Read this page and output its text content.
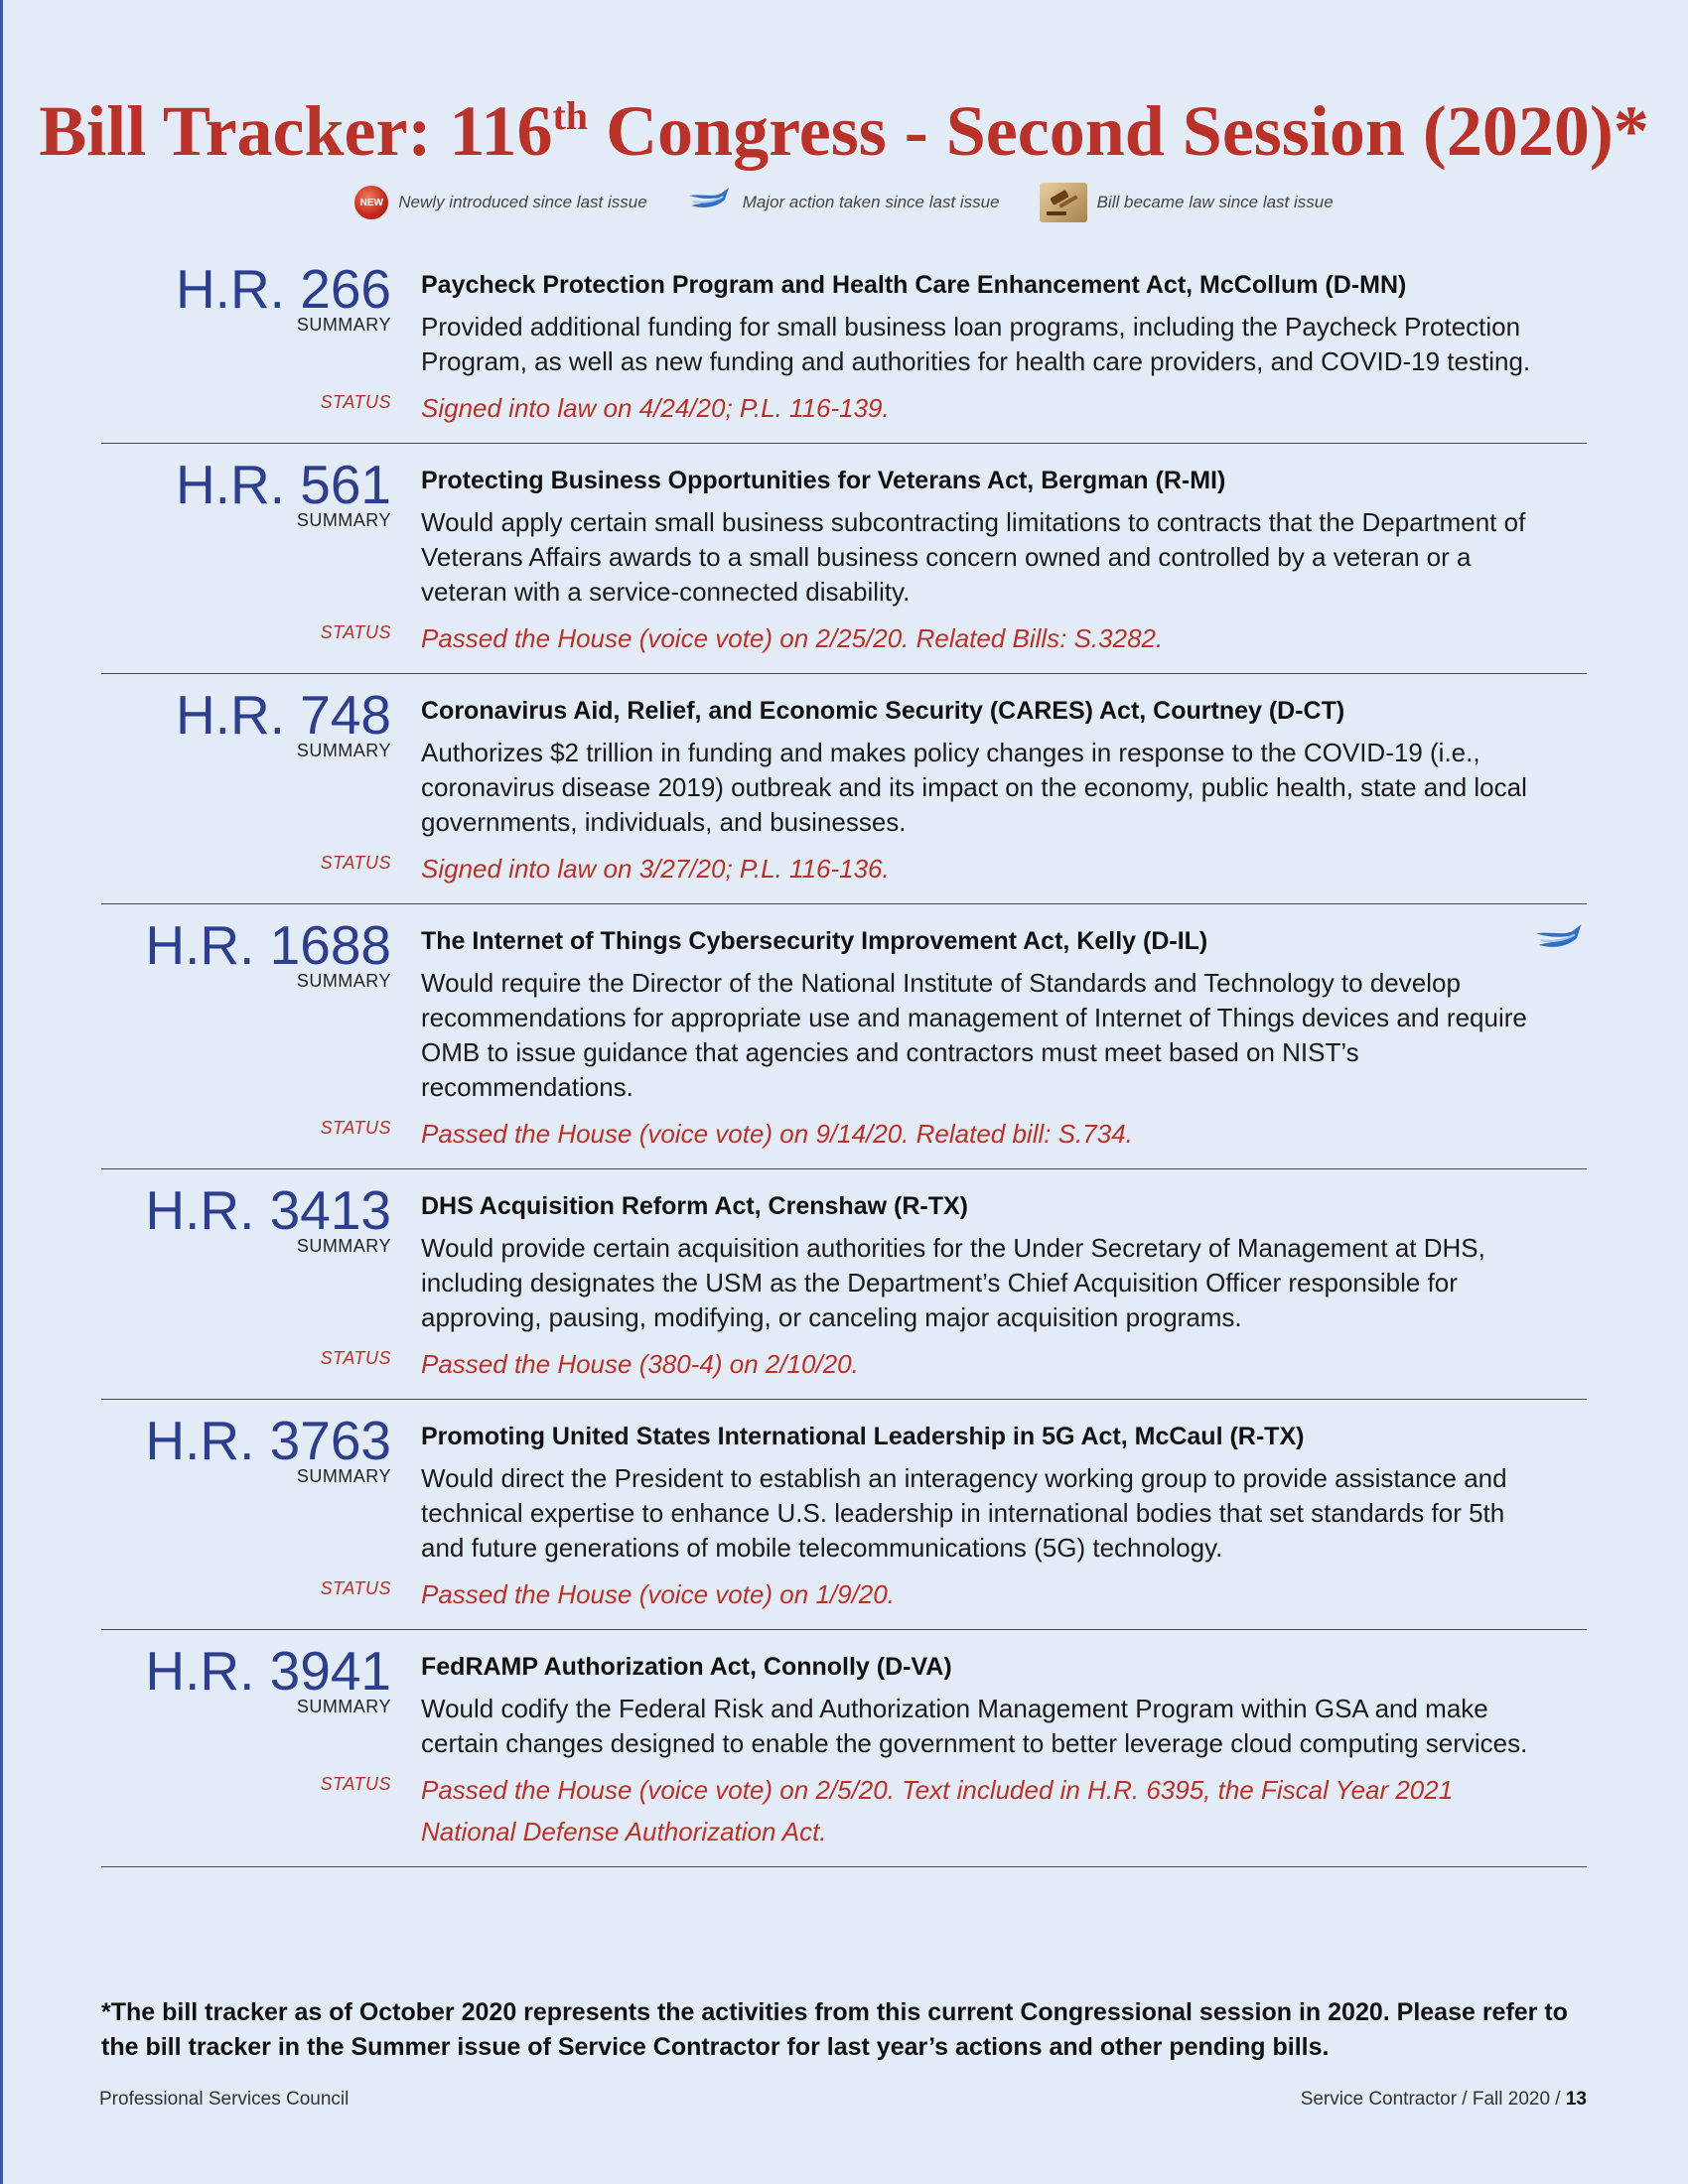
Bill Tracker: 116th Congress - Second Session (2020)*
NEW Newly introduced since last issue	Major action taken since last issue	Bill became law since last issue
H.R. 266 Paycheck Protection Program and Health Care Enhancement Act, McCollum (D-MN)
SUMMARY Provided additional funding for small business loan programs, including the Paycheck Protection Program, as well as new funding and authorities for health care providers, and COVID-19 testing.
STATUS Signed into law on 4/24/20; P.L. 116-139.
H.R. 561 Protecting Business Opportunities for Veterans Act, Bergman (R-MI)
SUMMARY Would apply certain small business subcontracting limitations to contracts that the Department of Veterans Affairs awards to a small business concern owned and controlled by a veteran or a veteran with a service-connected disability.
STATUS Passed the House (voice vote) on 2/25/20. Related Bills: S.3282.
H.R. 748 Coronavirus Aid, Relief, and Economic Security (CARES) Act, Courtney (D-CT)
SUMMARY Authorizes $2 trillion in funding and makes policy changes in response to the COVID-19 (i.e., coronavirus disease 2019) outbreak and its impact on the economy, public health, state and local governments, individuals, and businesses.
STATUS Signed into law on 3/27/20; P.L. 116-136.
H.R. 1688 The Internet of Things Cybersecurity Improvement Act, Kelly (D-IL)
SUMMARY Would require the Director of the National Institute of Standards and Technology to develop recommendations for appropriate use and management of Internet of Things devices and require OMB to issue guidance that agencies and contractors must meet based on NIST’s recommendations.
STATUS Passed the House (voice vote) on 9/14/20. Related bill: S.734.
H.R. 3413 DHS Acquisition Reform Act, Crenshaw (R-TX)
SUMMARY Would provide certain acquisition authorities for the Under Secretary of Management at DHS, including designates the USM as the Department’s Chief Acquisition Officer responsible for approving, pausing, modifying, or canceling major acquisition programs.
STATUS Passed the House (380-4) on 2/10/20.
H.R. 3763 Promoting United States International Leadership in 5G Act, McCaul (R-TX)
SUMMARY Would direct the President to establish an interagency working group to provide assistance and technical expertise to enhance U.S. leadership in international bodies that set standards for 5th and future generations of mobile telecommunications (5G) technology.
STATUS Passed the House (voice vote) on 1/9/20.
H.R. 3941 FedRAMP Authorization Act, Connolly (D-VA)
SUMMARY Would codify the Federal Risk and Authorization Management Program within GSA and make certain changes designed to enable the government to better leverage cloud computing services.
STATUS Passed the House (voice vote) on 2/5/20. Text included in H.R. 6395, the Fiscal Year 2021 National Defense Authorization Act.

*The bill tracker as of October 2020 represents the activities from this current Congressional session in 2020. Please refer to the bill tracker in the Summer issue of Service Contractor for last year’s actions and other pending bills.

Professional Services Council	Service Contractor / Fall 2020 / 13
